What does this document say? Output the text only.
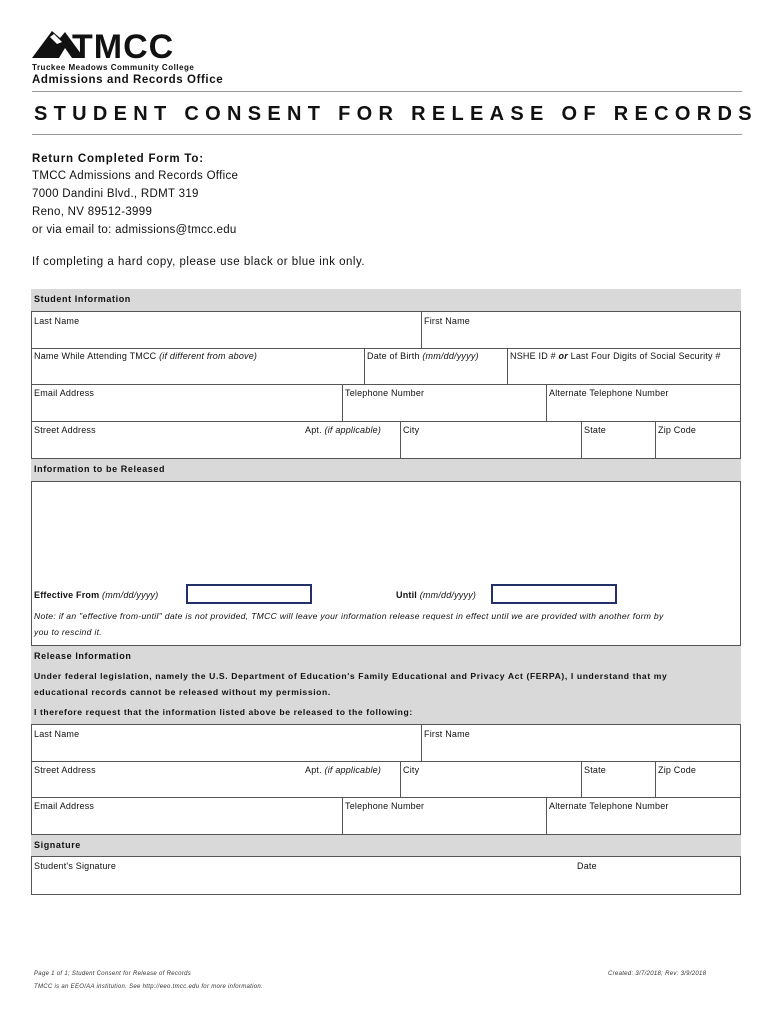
TMCC
Truckee Meadows Community College
Admissions and Records Office
STUDENT CONSENT FOR RELEASE OF RECORDS
Return Completed Form To:
TMCC Admissions and Records Office
7000 Dandini Blvd., RDMT 319
Reno, NV 89512-3999
or via email to: admissions@tmcc.edu
If completing a hard copy, please use black or blue ink only.
Student Information
Last Name	First Name
Name While Attending TMCC (if different from above)	Date of Birth (mm/dd/yyyy)	NSHE ID # or Last Four Digits of Social Security #
Email Address	Telephone Number	Alternate Telephone Number
Street Address	Apt. (if applicable) City	State	Zip Code
Information to be Released
Effective From (mm/dd/yyyy)	Until (mm/dd/yyyy)
Note: if an "effective from-until" date is not provided, TMCC will leave your information release request in effect until we are provided with another form by
you to rescind it.
Release Information
Under federal legislation, namely the U.S. Department of Education's Family Educational and Privacy Act (FERPA), I understand that my
educational records cannot be released without my permission.
I therefore request that the information listed above be released to the following:
Last Name	First Name
Street Address	Apt. (if applicable) City	State	Zip Code
Email Address	Telephone Number	Alternate Telephone Number
Signature
Student's Signature	Date
Page 1 of 1; Student Consent for Release of Records
TMCC is an EEO/AA institution. See http://eeo.tmcc.edu for more information.
Created: 3/7/2018; Rev: 3/9/2018
